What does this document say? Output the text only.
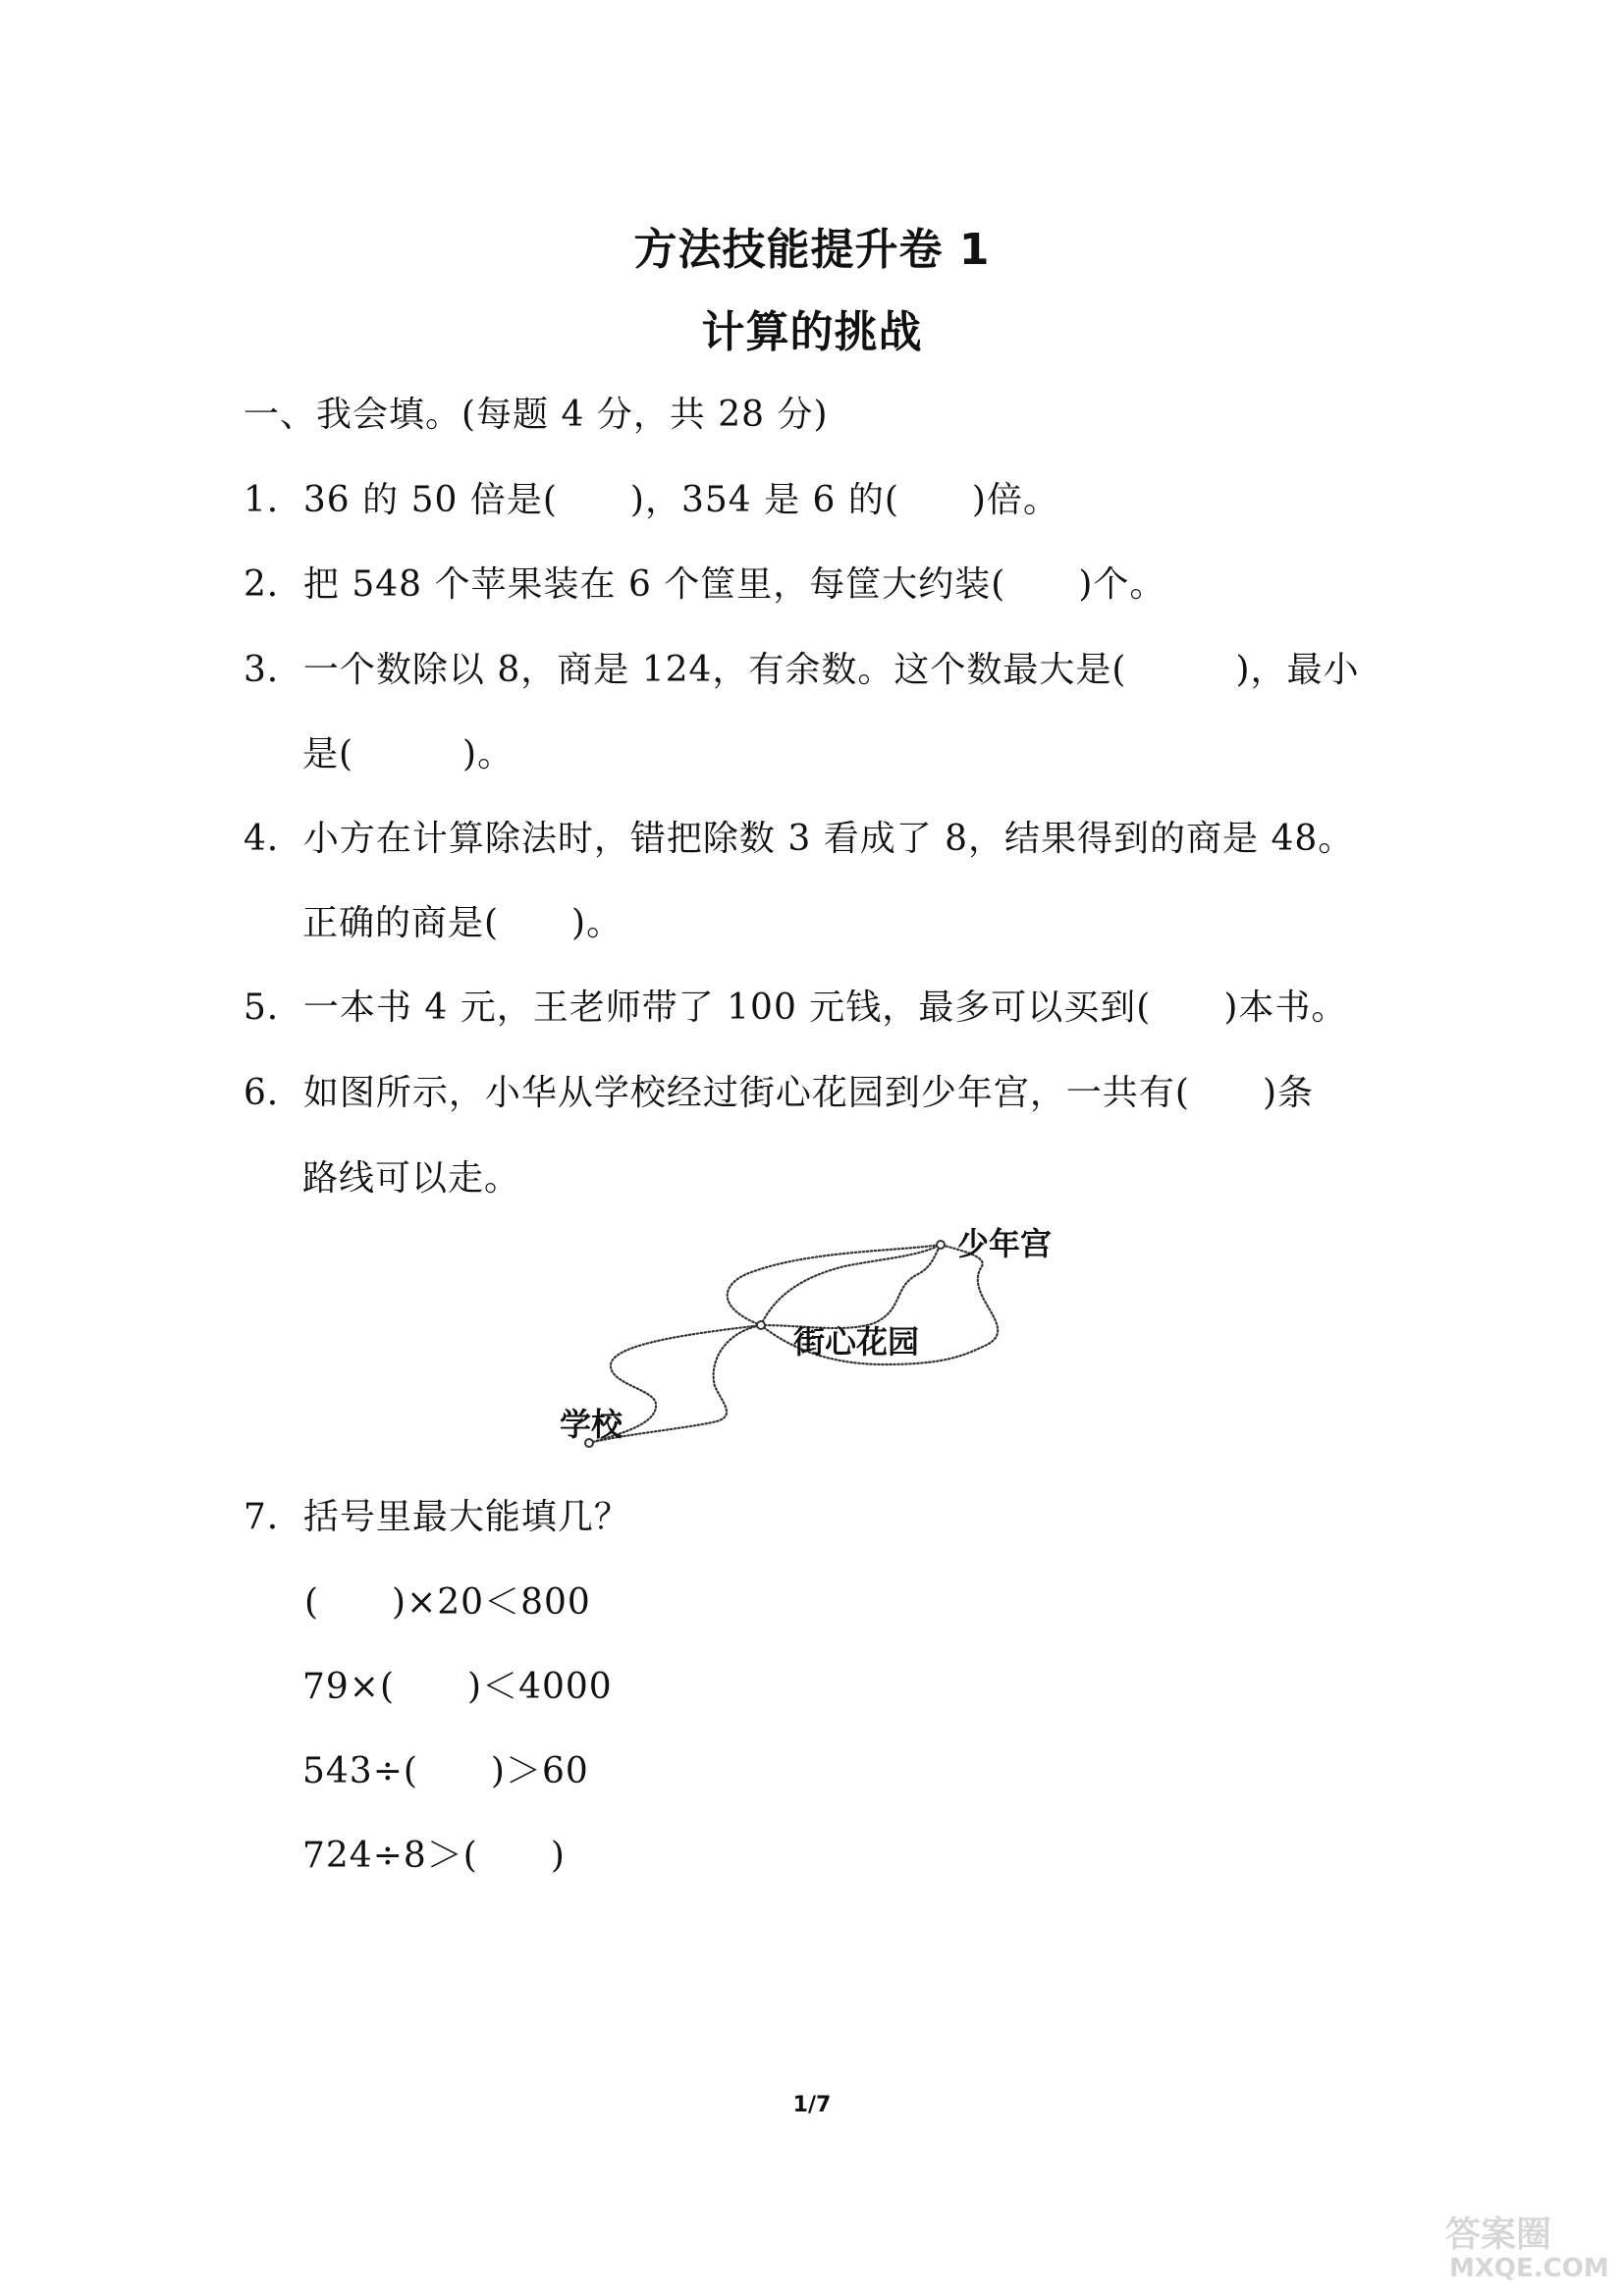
方法技能提升卷 1
计算的挑战
一、我会填。(每题 4 分，共 28 分)
1．36 的 50 倍是(　　)，354 是 6 的(　　)倍。
2．把 548 个苹果装在 6 个筐里，每筐大约装(　　)个。
3．一个数除以 8，商是 124，有余数。这个数最大是(　　　)，最小
是(　　　)。
4．小方在计算除法时，错把除数 3 看成了 8，结果得到的商是 48。
正确的商是(　　)。
5．一本书 4 元，王老师带了 100 元钱，最多可以买到(　　)本书。
6．如图所示，小华从学校经过街心花园到少年宫，一共有(　　)条
路线可以走。
少年宫
街心花园
学校
7．括号里最大能填几？
(　　)×20＜800
79×(　　)＜4000
543÷(　　)＞60
724÷8＞(　　)
1/7
答案圈
MXQE.COM
